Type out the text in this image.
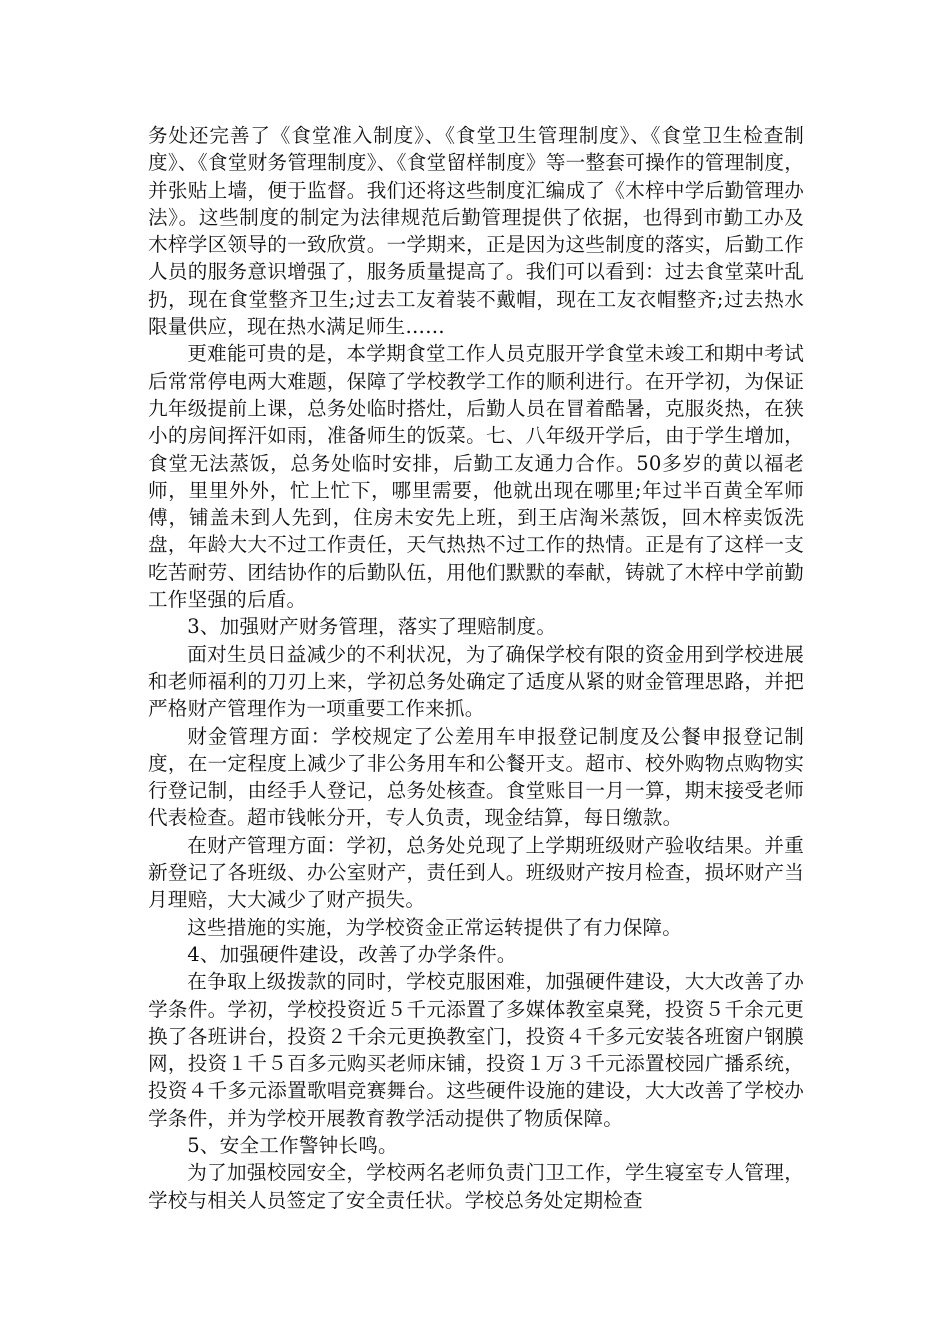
务处还完善了《食堂准入制度》、《食堂卫生管理制度》、《食堂卫生检查制度》、《食堂财务管理制度》、《食堂留样制度》等一整套可操作的管理制度，并张贴上墙，便于监督。我们还将这些制度汇编成了《木梓中学后勤管理办法》。这些制度的制定为法律规范后勤管理提供了依据，也得到市勤工办及木梓学区领导的一致欣赏。一学期来，正是因为这些制度的落实，后勤工作人员的服务意识增强了，服务质量提高了。我们可以看到：过去食堂菜叶乱扔，现在食堂整齐卫生;过去工友着装不戴帽，现在工友衣帽整齐;过去热水限量供应，现在热水满足师生……

更难能可贵的是，本学期食堂工作人员克服开学食堂未竣工和期中考试后常常停电两大难题，保障了学校教学工作的顺利进行。在开学初，为保证九年级提前上课，总务处临时搭灶，后勤人员在冒着酷暑，克服炎热，在狭小的房间挥汗如雨，准备师生的饭菜。七、八年级开学后，由于学生增加，食堂无法蒸饭，总务处临时安排，后勤工友通力合作。50多岁的黄以福老师，里里外外，忙上忙下，哪里需要，他就出现在哪里;年过半百黄全军师傅，铺盖未到人先到，住房未安先上班，到王店淘米蒸饭，回木梓卖饭洗盘，年龄大大不过工作责任，天气热热不过工作的热情。正是有了这样一支吃苦耐劳、团结协作的后勤队伍，用他们默默的奉献，铸就了木梓中学前勤工作坚强的后盾。

3、加强财产财务管理，落实了理赔制度。

面对生员日益减少的不利状况，为了确保学校有限的资金用到学校进展和老师福利的刀刃上来，学初总务处确定了适度从紧的财金管理思路，并把严格财产管理作为一项重要工作来抓。

财金管理方面：学校规定了公差用车申报登记制度及公餐申报登记制度，在一定程度上减少了非公务用车和公餐开支。超市、校外购物点购物实行登记制，由经手人登记，总务处核查。食堂账目一月一算，期末接受老师代表检查。超市钱帐分开，专人负责，现金结算，每日缴款。

在财产管理方面：学初，总务处兑现了上学期班级财产验收结果。并重新登记了各班级、办公室财产，责任到人。班级财产按月检查，损坏财产当月理赔，大大减少了财产损失。

这些措施的实施，为学校资金正常运转提供了有力保障。

4、加强硬件建设，改善了办学条件。

在争取上级拨款的同时，学校克服困难，加强硬件建设，大大改善了办学条件。学初，学校投资近５千元添置了多媒体教室桌凳，投资５千余元更换了各班讲台，投资２千余元更换教室门，投资４千多元安装各班窗户钢膜网，投资１千５百多元购买老师床铺，投资１万３千元添置校园广播系统，投资４千多元添置歌唱竞赛舞台。这些硬件设施的建设，大大改善了学校办学条件，并为学校开展教育教学活动提供了物质保障。

5、安全工作警钟长鸣。

为了加强校园安全，学校两名老师负责门卫工作，学生寝室专人管理，学校与相关人员签定了安全责任状。学校总务处定期检查
